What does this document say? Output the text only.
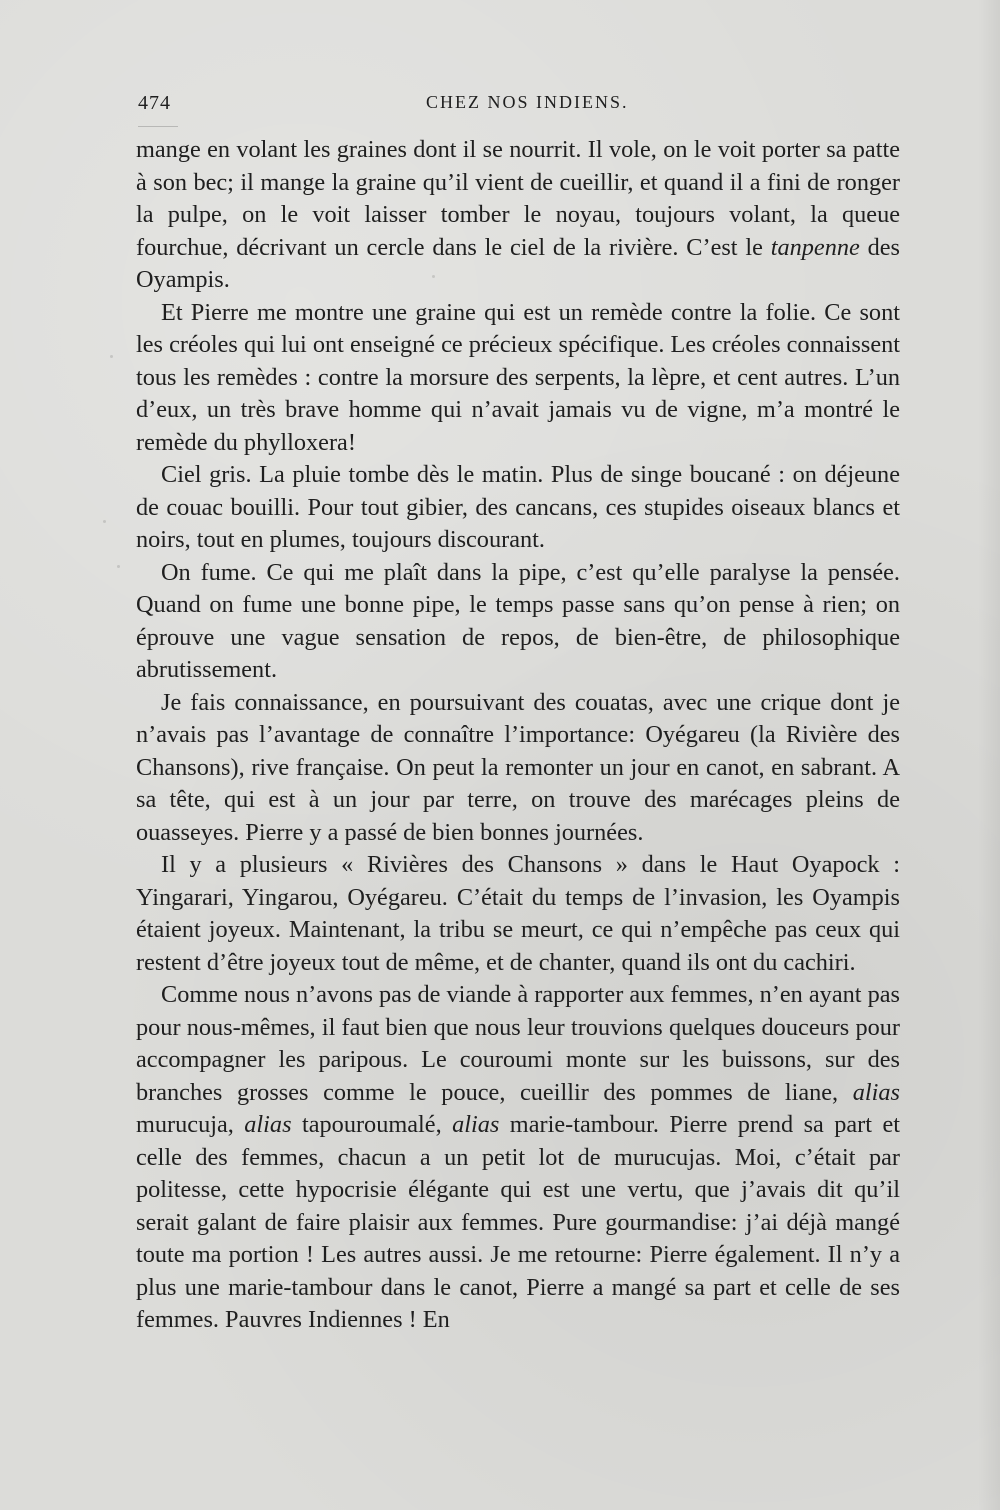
474	CHEZ NOS INDIENS.

mange en volant les graines dont il se nourrit. Il vole, on le voit porter sa patte à son bec; il mange la graine qu’il vient de cueillir, et quand il a fini de ronger la pulpe, on le voit laisser tomber le noyau, toujours volant, la queue fourchue, décrivant un cercle dans le ciel de la rivière. C’est le tanpenne des Oyampis.

Et Pierre me montre une graine qui est un remède contre la folie. Ce sont les créoles qui lui ont enseigné ce précieux spécifique. Les créoles connaissent tous les remèdes : contre la morsure des serpents, la lèpre, et cent autres. L’un d’eux, un très brave homme qui n’avait jamais vu de vigne, m’a montré le remède du phylloxera!

Ciel gris. La pluie tombe dès le matin. Plus de singe boucané : on déjeune de couac bouilli. Pour tout gibier, des cancans, ces stupides oiseaux blancs et noirs, tout en plumes, toujours discourant.

On fume. Ce qui me plaît dans la pipe, c’est qu’elle paralyse la pensée. Quand on fume une bonne pipe, le temps passe sans qu’on pense à rien; on éprouve une vague sensation de repos, de bien-être, de philosophique abrutissement.

Je fais connaissance, en poursuivant des couatas, avec une crique dont je n’avais pas l’avantage de connaître l’importance: Oyégareu (la Rivière des Chansons), rive française. On peut la remonter un jour en canot, en sabrant. A sa tête, qui est à un jour par terre, on trouve des marécages pleins de ouasseyes. Pierre y a passé de bien bonnes journées.

Il y a plusieurs « Rivières des Chansons » dans le Haut Oyapock : Yingarari, Yingarou, Oyégareu. C’était du temps de l’invasion, les Oyampis étaient joyeux. Maintenant, la tribu se meurt, ce qui n’empêche pas ceux qui restent d’être joyeux tout de même, et de chanter, quand ils ont du cachiri.

Comme nous n’avons pas de viande à rapporter aux femmes, n’en ayant pas pour nous-mêmes, il faut bien que nous leur trouvions quelques douceurs pour accompagner les paripous. Le couroumi monte sur les buissons, sur des branches grosses comme le pouce, cueillir des pommes de liane, alias murucuja, alias tapouroumalé, alias marie-tambour. Pierre prend sa part et celle des femmes, chacun a un petit lot de murucujas. Moi, c’était par politesse, cette hypocrisie élégante qui est une vertu, que j’avais dit qu’il serait galant de faire plaisir aux femmes. Pure gourmandise: j’ai déjà mangé toute ma portion ! Les autres aussi. Je me retourne: Pierre également. Il n’y a plus une marie-tambour dans le canot, Pierre a mangé sa part et celle de ses femmes. Pauvres Indiennes ! En
